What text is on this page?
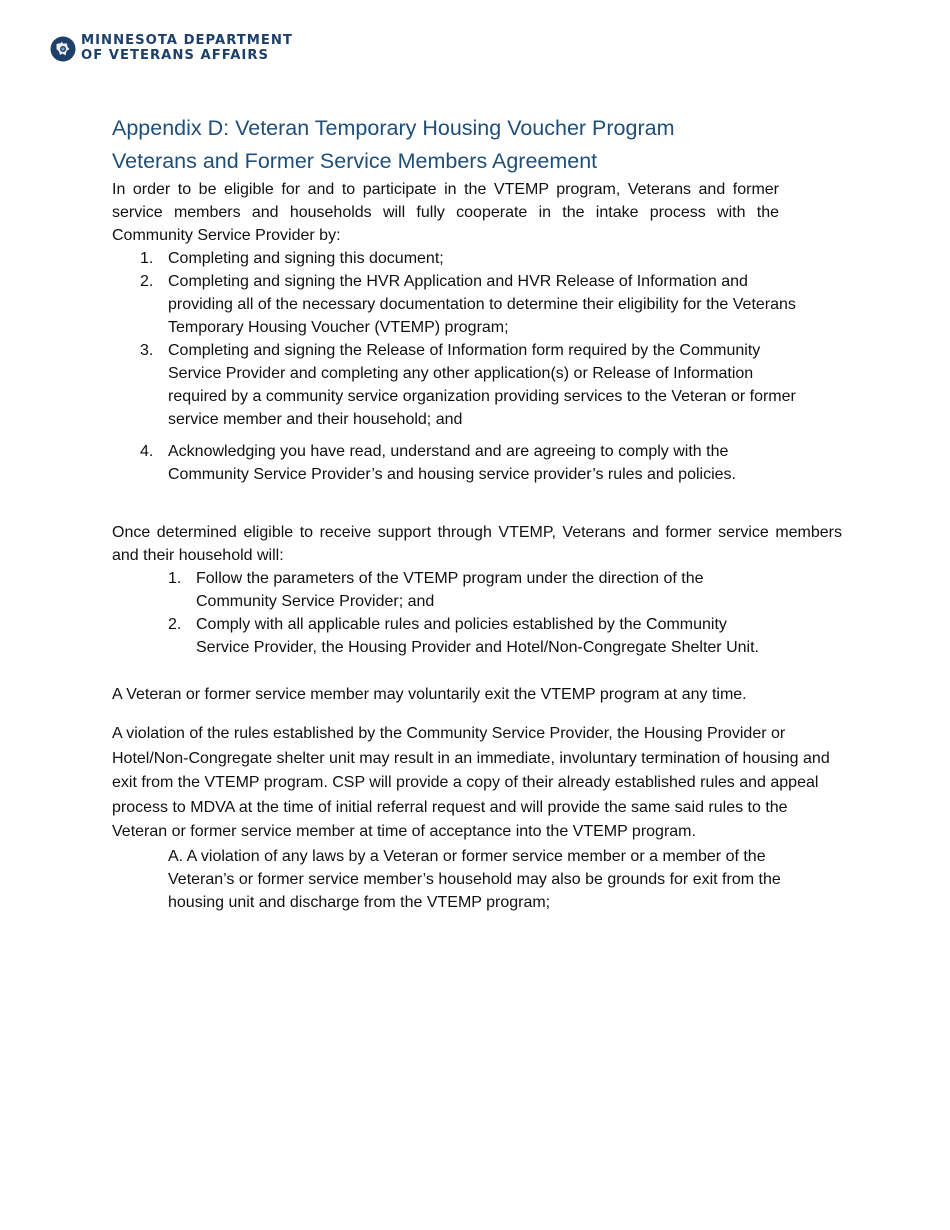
MINNESOTA DEPARTMENT
OF VETERANS AFFAIRS
Appendix D: Veteran Temporary Housing Voucher Program
Veterans and Former Service Members Agreement

In order to be eligible for and to participate in the VTEMP program, Veterans and former service members and households will fully cooperate in the intake process with the Community Service Provider by:

1. Completing and signing this document;
2. Completing and signing the HVR Application and HVR Release of Information and providing all of the necessary documentation to determine their eligibility for the Veterans Temporary Housing Voucher (VTEMP) program;
3. Completing and signing the Release of Information form required by the Community Service Provider and completing any other application(s) or Release of Information required by a community service organization providing services to the Veteran or former service member and their household; and
4. Acknowledging you have read, understand and are agreeing to comply with the Community Service Provider’s and housing service provider’s rules and policies.

Once determined eligible to receive support through VTEMP, Veterans and former service members and their household will:

1. Follow the parameters of the VTEMP program under the direction of the Community Service Provider; and
2. Comply with all applicable rules and policies established by the Community Service Provider, the Housing Provider and Hotel/Non-Congregate Shelter Unit.

A Veteran or former service member may voluntarily exit the VTEMP program at any time.

A violation of the rules established by the Community Service Provider, the Housing Provider or Hotel/Non-Congregate shelter unit may result in an immediate, involuntary termination of housing and exit from the VTEMP program. CSP will provide a copy of their already established rules and appeal process to MDVA at the time of initial referral request and will provide the same said rules to the Veteran or former service member at time of acceptance into the VTEMP program.

A. A violation of any laws by a Veteran or former service member or a member of the Veteran’s or former service member’s household may also be grounds for exit from the housing unit and discharge from the VTEMP program;
